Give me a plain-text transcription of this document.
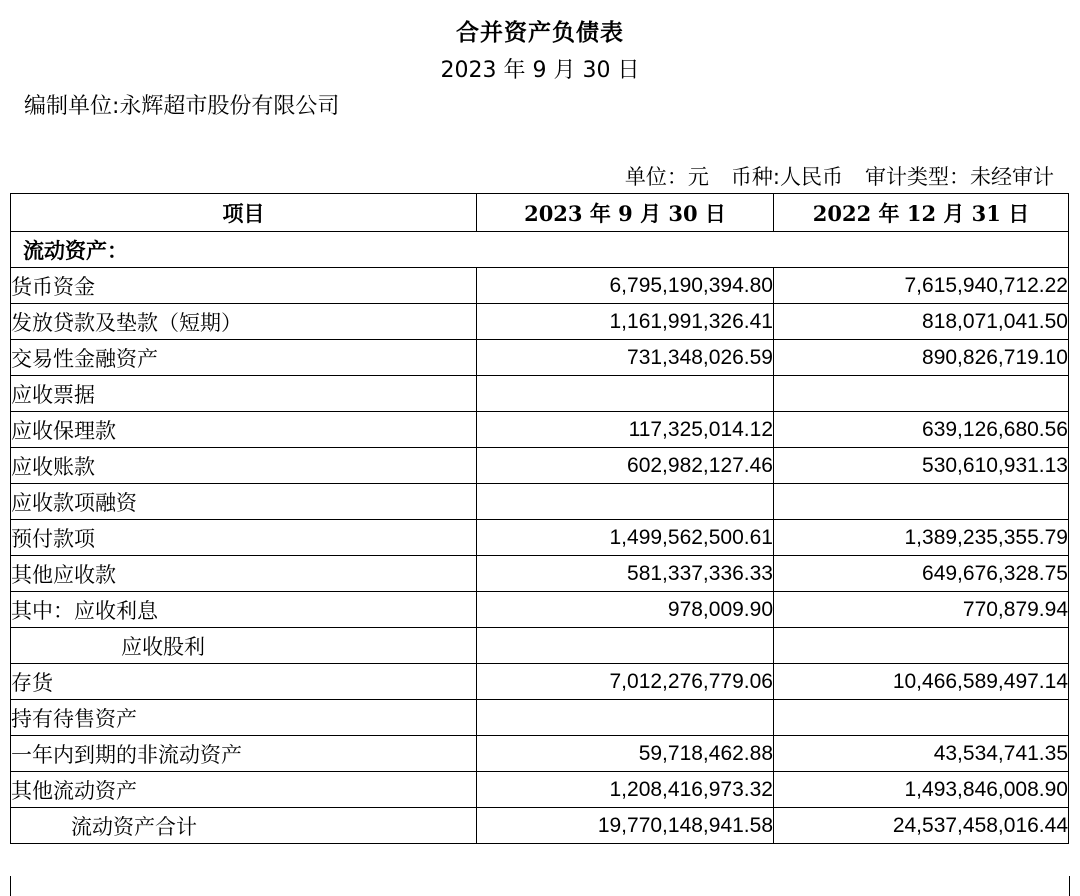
合并资产负债表
2023 年 9 月 30 日
编制单位:永辉超市股份有限公司
单位：元 币种:人民币 审计类型：未经审计
项目	2023 年 9 月 30 日	2022 年 12 月 31 日
流动资产：		
货币资金	6,795,190,394.80	7,615,940,712.22
发放贷款及垫款（短期）	1,161,991,326.41	818,071,041.50
交易性金融资产	731,348,026.59	890,826,719.10
应收票据		
应收保理款	117,325,014.12	639,126,680.56
应收账款	602,982,127.46	530,610,931.13
应收款项融资		
预付款项	1,499,562,500.61	1,389,235,355.79
其他应收款	581,337,336.33	649,676,328.75
其中：应收利息	978,009.90	770,879.94
应收股利		
存货	7,012,276,779.06	10,466,589,497.14
持有待售资产		
一年内到期的非流动资产	59,718,462.88	43,534,741.35
其他流动资产	1,208,416,973.32	1,493,846,008.90
流动资产合计	19,770,148,941.58	24,537,458,016.44
